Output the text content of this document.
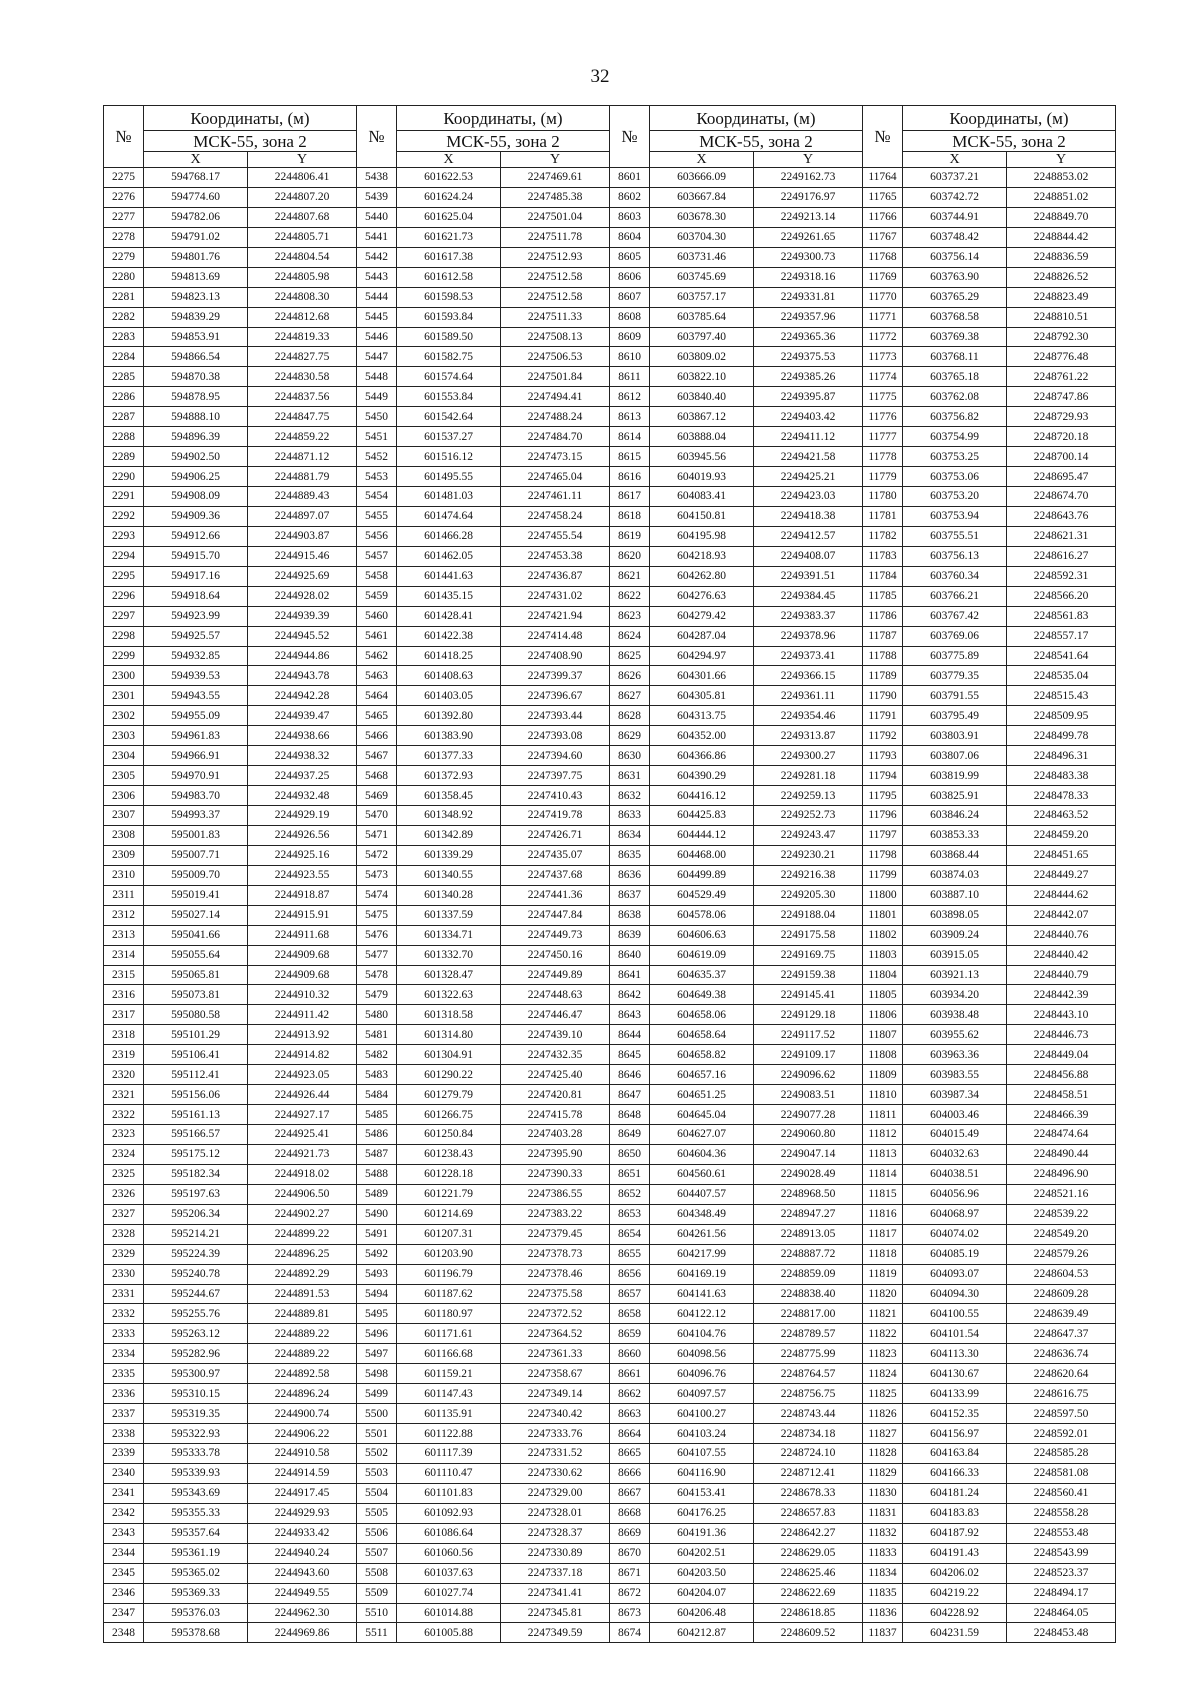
32
№	Координаты, (м)		№	Координаты, (м)		№	Координаты, (м)		№	Координаты, (м)	
	МСК-55, зона 2			МСК-55, зона 2			МСК-55, зона 2			МСК-55, зона 2	
	X	Y		X	Y		X	Y		X	Y
2275	594768.17	2244806.41	5438	601622.53	2247469.61	8601	603666.09	2249162.73	11764	603737.21	2248853.02
2276	594774.60	2244807.20	5439	601624.24	2247485.38	8602	603667.84	2249176.97	11765	603742.72	2248851.02
2277	594782.06	2244807.68	5440	601625.04	2247501.04	8603	603678.30	2249213.14	11766	603744.91	2248849.70
2278	594791.02	2244805.71	5441	601621.73	2247511.78	8604	603704.30	2249261.65	11767	603748.42	2248844.42
2279	594801.76	2244804.54	5442	601617.38	2247512.93	8605	603731.46	2249300.73	11768	603756.14	2248836.59
2280	594813.69	2244805.98	5443	601612.58	2247512.58	8606	603745.69	2249318.16	11769	603763.90	2248826.52
2281	594823.13	2244808.30	5444	601598.53	2247512.58	8607	603757.17	2249331.81	11770	603765.29	2248823.49
2282	594839.29	2244812.68	5445	601593.84	2247511.33	8608	603785.64	2249357.96	11771	603768.58	2248810.51
2283	594853.91	2244819.33	5446	601589.50	2247508.13	8609	603797.40	2249365.36	11772	603769.38	2248792.30
2284	594866.54	2244827.75	5447	601582.75	2247506.53	8610	603809.02	2249375.53	11773	603768.11	2248776.48
2285	594870.38	2244830.58	5448	601574.64	2247501.84	8611	603822.10	2249385.26	11774	603765.18	2248761.22
2286	594878.95	2244837.56	5449	601553.84	2247494.41	8612	603840.40	2249395.87	11775	603762.08	2248747.86
2287	594888.10	2244847.75	5450	601542.64	2247488.24	8613	603867.12	2249403.42	11776	603756.82	2248729.93
2288	594896.39	2244859.22	5451	601537.27	2247484.70	8614	603888.04	2249411.12	11777	603754.99	2248720.18
2289	594902.50	2244871.12	5452	601516.12	2247473.15	8615	603945.56	2249421.58	11778	603753.25	2248700.14
2290	594906.25	2244881.79	5453	601495.55	2247465.04	8616	604019.93	2249425.21	11779	603753.06	2248695.47
2291	594908.09	2244889.43	5454	601481.03	2247461.11	8617	604083.41	2249423.03	11780	603753.20	2248674.70
2292	594909.36	2244897.07	5455	601474.64	2247458.24	8618	604150.81	2249418.38	11781	603753.94	2248643.76
2293	594912.66	2244903.87	5456	601466.28	2247455.54	8619	604195.98	2249412.57	11782	603755.51	2248621.31
2294	594915.70	2244915.46	5457	601462.05	2247453.38	8620	604218.93	2249408.07	11783	603756.13	2248616.27
2295	594917.16	2244925.69	5458	601441.63	2247436.87	8621	604262.80	2249391.51	11784	603760.34	2248592.31
2296	594918.64	2244928.02	5459	601435.15	2247431.02	8622	604276.63	2249384.45	11785	603766.21	2248566.20
2297	594923.99	2244939.39	5460	601428.41	2247421.94	8623	604279.42	2249383.37	11786	603767.42	2248561.83
2298	594925.57	2244945.52	5461	601422.38	2247414.48	8624	604287.04	2249378.96	11787	603769.06	2248557.17
2299	594932.85	2244944.86	5462	601418.25	2247408.90	8625	604294.97	2249373.41	11788	603775.89	2248541.64
2300	594939.53	2244943.78	5463	601408.63	2247399.37	8626	604301.66	2249366.15	11789	603779.35	2248535.04
2301	594943.55	2244942.28	5464	601403.05	2247396.67	8627	604305.81	2249361.11	11790	603791.55	2248515.43
2302	594955.09	2244939.47	5465	601392.80	2247393.44	8628	604313.75	2249354.46	11791	603795.49	2248509.95
2303	594961.83	2244938.66	5466	601383.90	2247393.08	8629	604352.00	2249313.87	11792	603803.91	2248499.78
2304	594966.91	2244938.32	5467	601377.33	2247394.60	8630	604366.86	2249300.27	11793	603807.06	2248496.31
2305	594970.91	2244937.25	5468	601372.93	2247397.75	8631	604390.29	2249281.18	11794	603819.99	2248483.38
2306	594983.70	2244932.48	5469	601358.45	2247410.43	8632	604416.12	2249259.13	11795	603825.91	2248478.33
2307	594993.37	2244929.19	5470	601348.92	2247419.78	8633	604425.83	2249252.73	11796	603846.24	2248463.52
2308	595001.83	2244926.56	5471	601342.89	2247426.71	8634	604444.12	2249243.47	11797	603853.33	2248459.20
2309	595007.71	2244925.16	5472	601339.29	2247435.07	8635	604468.00	2249230.21	11798	603868.44	2248451.65
2310	595009.70	2244923.55	5473	601340.55	2247437.68	8636	604499.89	2249216.38	11799	603874.03	2248449.27
2311	595019.41	2244918.87	5474	601340.28	2247441.36	8637	604529.49	2249205.30	11800	603887.10	2248444.62
2312	595027.14	2244915.91	5475	601337.59	2247447.84	8638	604578.06	2249188.04	11801	603898.05	2248442.07
2313	595041.66	2244911.68	5476	601334.71	2247449.73	8639	604606.63	2249175.58	11802	603909.24	2248440.76
2314	595055.64	2244909.68	5477	601332.70	2247450.16	8640	604619.09	2249169.75	11803	603915.05	2248440.42
2315	595065.81	2244909.68	5478	601328.47	2247449.89	8641	604635.37	2249159.38	11804	603921.13	2248440.79
2316	595073.81	2244910.32	5479	601322.63	2247448.63	8642	604649.38	2249145.41	11805	603934.20	2248442.39
2317	595080.58	2244911.42	5480	601318.58	2247446.47	8643	604658.06	2249129.18	11806	603938.48	2248443.10
2318	595101.29	2244913.92	5481	601314.80	2247439.10	8644	604658.64	2249117.52	11807	603955.62	2248446.73
2319	595106.41	2244914.82	5482	601304.91	2247432.35	8645	604658.82	2249109.17	11808	603963.36	2248449.04
2320	595112.41	2244923.05	5483	601290.22	2247425.40	8646	604657.16	2249096.62	11809	603983.55	2248456.88
2321	595156.06	2244926.44	5484	601279.79	2247420.81	8647	604651.25	2249083.51	11810	603987.34	2248458.51
2322	595161.13	2244927.17	5485	601266.75	2247415.78	8648	604645.04	2249077.28	11811	604003.46	2248466.39
2323	595166.57	2244925.41	5486	601250.84	2247403.28	8649	604627.07	2249060.80	11812	604015.49	2248474.64
2324	595175.12	2244921.73	5487	601238.43	2247395.90	8650	604604.36	2249047.14	11813	604032.63	2248490.44
2325	595182.34	2244918.02	5488	601228.18	2247390.33	8651	604560.61	2249028.49	11814	604038.51	2248496.90
2326	595197.63	2244906.50	5489	601221.79	2247386.55	8652	604407.57	2248968.50	11815	604056.96	2248521.16
2327	595206.34	2244902.27	5490	601214.69	2247383.22	8653	604348.49	2248947.27	11816	604068.97	2248539.22
2328	595214.21	2244899.22	5491	601207.31	2247379.45	8654	604261.56	2248913.05	11817	604074.02	2248549.20
2329	595224.39	2244896.25	5492	601203.90	2247378.73	8655	604217.99	2248887.72	11818	604085.19	2248579.26
2330	595240.78	2244892.29	5493	601196.79	2247378.46	8656	604169.19	2248859.09	11819	604093.07	2248604.53
2331	595244.67	2244891.53	5494	601187.62	2247375.58	8657	604141.63	2248838.40	11820	604094.30	2248609.28
2332	595255.76	2244889.81	5495	601180.97	2247372.52	8658	604122.12	2248817.00	11821	604100.55	2248639.49
2333	595263.12	2244889.22	5496	601171.61	2247364.52	8659	604104.76	2248789.57	11822	604101.54	2248647.37
2334	595282.96	2244889.22	5497	601166.68	2247361.33	8660	604098.56	2248775.99	11823	604113.30	2248636.74
2335	595300.97	2244892.58	5498	601159.21	2247358.67	8661	604096.76	2248764.57	11824	604130.67	2248620.64
2336	595310.15	2244896.24	5499	601147.43	2247349.14	8662	604097.57	2248756.75	11825	604133.99	2248616.75
2337	595319.35	2244900.74	5500	601135.91	2247340.42	8663	604100.27	2248743.44	11826	604152.35	2248597.50
2338	595322.93	2244906.22	5501	601122.88	2247333.76	8664	604103.24	2248734.18	11827	604156.97	2248592.01
2339	595333.78	2244910.58	5502	601117.39	2247331.52	8665	604107.55	2248724.10	11828	604163.84	2248585.28
2340	595339.93	2244914.59	5503	601110.47	2247330.62	8666	604116.90	2248712.41	11829	604166.33	2248581.08
2341	595343.69	2244917.45	5504	601101.83	2247329.00	8667	604153.41	2248678.33	11830	604181.24	2248560.41
2342	595355.33	2244929.93	5505	601092.93	2247328.01	8668	604176.25	2248657.83	11831	604183.83	2248558.28
2343	595357.64	2244933.42	5506	601086.64	2247328.37	8669	604191.36	2248642.27	11832	604187.92	2248553.48
2344	595361.19	2244940.24	5507	601060.56	2247330.89	8670	604202.51	2248629.05	11833	604191.43	2248543.99
2345	595365.02	2244943.60	5508	601037.63	2247337.18	8671	604203.50	2248625.46	11834	604206.02	2248523.37
2346	595369.33	2244949.55	5509	601027.74	2247341.41	8672	604204.07	2248622.69	11835	604219.22	2248494.17
2347	595376.03	2244962.30	5510	601014.88	2247345.81	8673	604206.48	2248618.85	11836	604228.92	2248464.05
2348	595378.68	2244969.86	5511	601005.88	2247349.59	8674	604212.87	2248609.52	11837	604231.59	2248453.48
